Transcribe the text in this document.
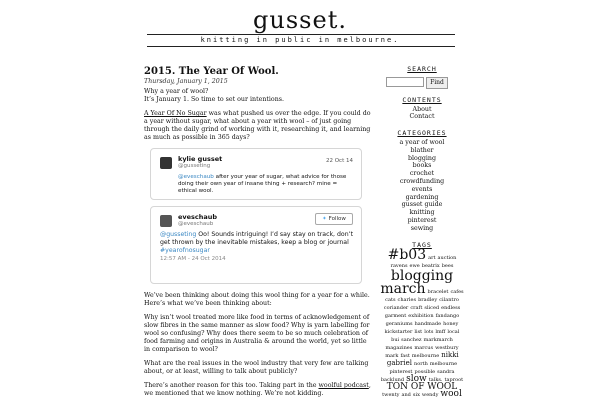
gusset.
knitting in public in melbourne.
2015. The Year Of Wool.
Thursday, January 1, 2015

Why a year of wool?
It’s January 1. So time to set our intentions.

A Year Of No Sugar was what pushed us over the edge. If you could do a year without sugar, what about a year with wool – of just going through the daily grind of working with it, researching it, and learning as much as possible in 365 days?

kylie gusset
@gusseting
22 Oct 14
@eveschaub after your year of sugar, what advice for those doing their own year of insane thing + research? mine = ethical wool.
eveschaub
@eveschaub
✦ Follow
@gusseting Oo! Sounds intriguing! I’d say stay on track, don’t get thrown by the inevitable mistakes, keep a blog or journal #yearofnosugar
12:57 AM - 24 Oct 2014

We’ve been thinking about doing this wool thing for a year for a while. Here’s what we’ve been thinking about:

Why isn’t wool treated more like food in terms of acknowledgement of slow fibres in the same manner as slow food? Why is yarn labelling for wool so confusing? Why does there seem to be so much celebration of food farming and origins in Australia & around the world, yet so little in comparison to wool?

What are the real issues in the wool industry that very few are talking about, or at least, willing to talk about publicly?

There’s another reason for this too. Taking part in the woolful podcast, we mentioned that we know nothing. We’re not kidding.

SEARCH
Find
CONTENTS
About
Contact
CATEGORIES
a year of wool
blather
blogging
books
crochet
crowdfunding
events
gardening
gusset guide
knitting
pinterest
sewing
TAGS
#b03 art auction ravens ewe beatrix bees blogging march bracelet cafes cats charles bradley cilantro coriander craft sliced endless garment exhibition fandango geraniums handmade honey kickstarter list lots lmff local bui sanchez markmarch magazines marcus westbury mark fast melbourne nikki gabriel north melbourne pinterest possible sandra backlund slow talks. taproot TON OF WOOL twenty and six wendy wool
